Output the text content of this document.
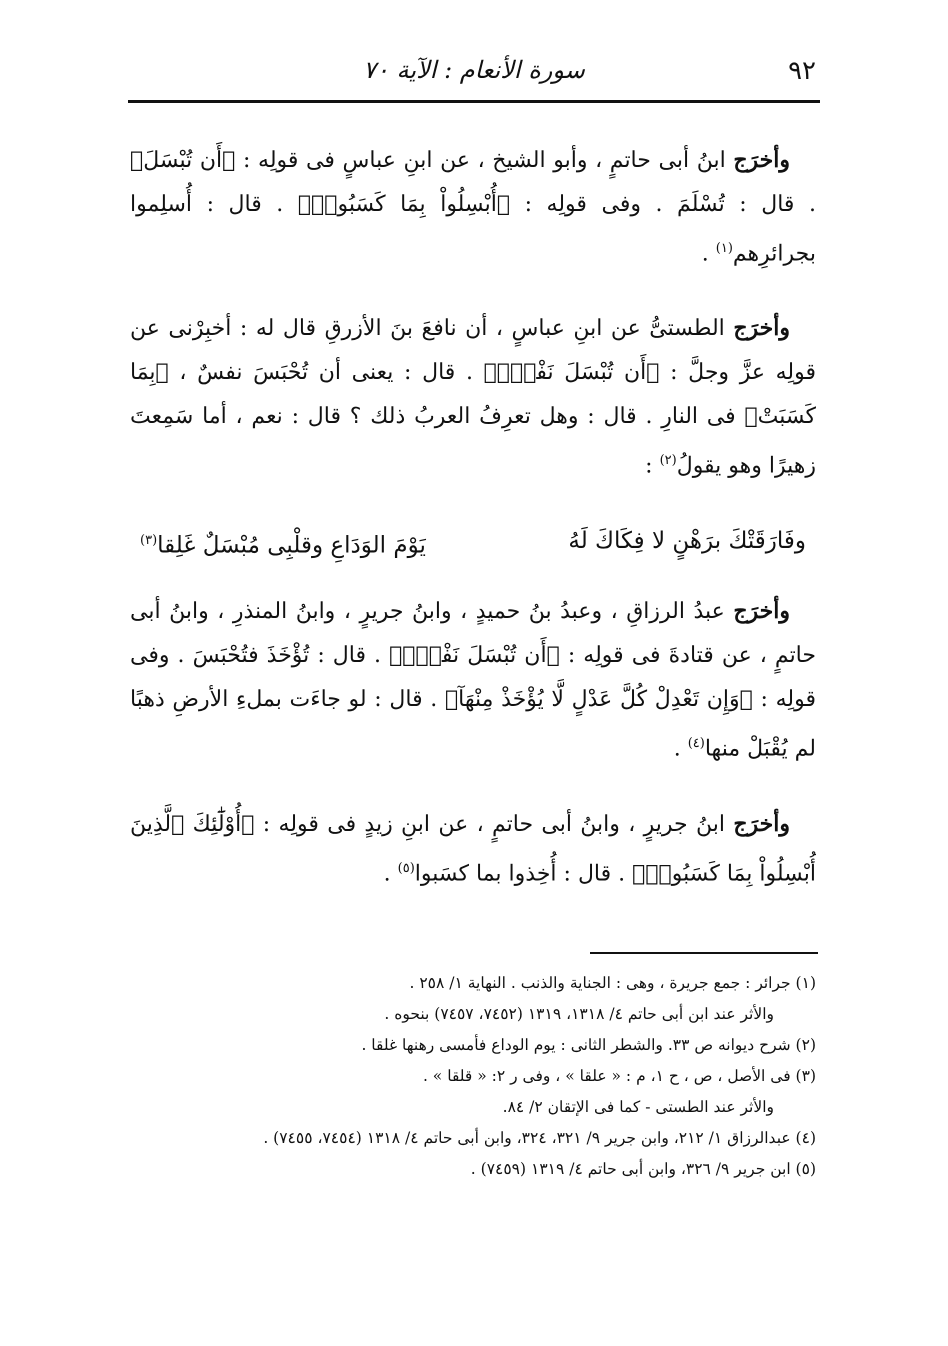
٩٢
سورة الأنعام : الآية ٧٠

وأخرَج ابنُ أبى حاتمٍ ، وأبو الشيخ ، عن ابنِ عباسٍ فى قولِه : ﴿أَن تُبْسَلَ﴾ . قال : تُسْلَمَ . وفى قولِه : ﴿أُبْسِلُواْ بِمَا كَسَبُوا۟﴾ . قال : أُسلِموا بجرائرِهم$^{(١)}$ .

وأخرَج الطستىُّ عن ابنِ عباسٍ ، أن نافعَ بنَ الأزرقِ قال له : أخبِرْنى عن قولِه عزَّ وجلَّ : ﴿أَن تُبْسَلَ نَفْسُۢ﴾ . قال : يعنى أن تُحْبَسَ نفسٌ ، ﴿بِمَا كَسَبَتْ﴾ فى النارِ . قال : وهل تعرِفُ العربُ ذلك ؟ قال : نعم ، أما سَمِعتَ زهيرًا وهو يقولُ$^{(٢)}$ :

وفَارَقَتْكَ برَهْنٍ لا فِكَاكَ لَهُ
يَوْمَ الوَدَاعِ وقلْبِى مُبْسَلٌ غَلِقا$^{(٣)}$

وأخرَج عبدُ الرزاقِ ، وعبدُ بنُ حميدٍ ، وابنُ جريرٍ ، وابنُ المنذرِ ، وابنُ أبى حاتمٍ ، عن قتادةَ فى قولِه : ﴿أَن تُبْسَلَ نَفْسُۢ﴾ . قال : تُؤْخَذَ فتُحْبَسَ . وفى قولِه : ﴿وَإِن تَعْدِلْ كُلَّ عَدْلٍ لَّا يُؤْخَذْ مِنْهَآ﴾ . قال : لو جاءَت بملءِ الأرضِ ذهبًا لم يُقْبَلْ منها$^{(٤)}$ .

وأخرَج ابنُ جريرٍ ، وابنُ أبى حاتمٍ ، عن ابنِ زيدٍ فى قولِه : ﴿أُوْلَٰٓئِكَ ٱلَّذِينَ أُبْسِلُواْ بِمَا كَسَبُوا۟﴾ . قال : أُخِذوا بما كسَبوا$^{(٥)}$ .

(١) جرائر : جمع جريرة ، وهى : الجناية والذنب . النهاية ١/ ٢٥٨ .

والأثر عند ابن أبى حاتم ٤/ ١٣١٨، ١٣١٩ (٧٤٥٢، ٧٤٥٧) بنحوه .

(٢) شرح ديوانه ص ٣٣. والشطر الثانى : يوم الوداع فأمسى رهنها غلقا .

(٣) فى الأصل ، ص ، ح ١، م : « علقا » ، وفى ر ٢: « قلقا » .

والأثر عند الطستى - كما فى الإتقان ٢/ ٨٤.

(٤) عبدالرزاق ١/ ٢١٢، وابن جرير ٩/ ٣٢١، ٣٢٤، وابن أبى حاتم ٤/ ١٣١٨ (٧٤٥٤، ٧٤٥٥) .

(٥) ابن جرير ٩/ ٣٢٦، وابن أبى حاتم ٤/ ١٣١٩ (٧٤٥٩) .
